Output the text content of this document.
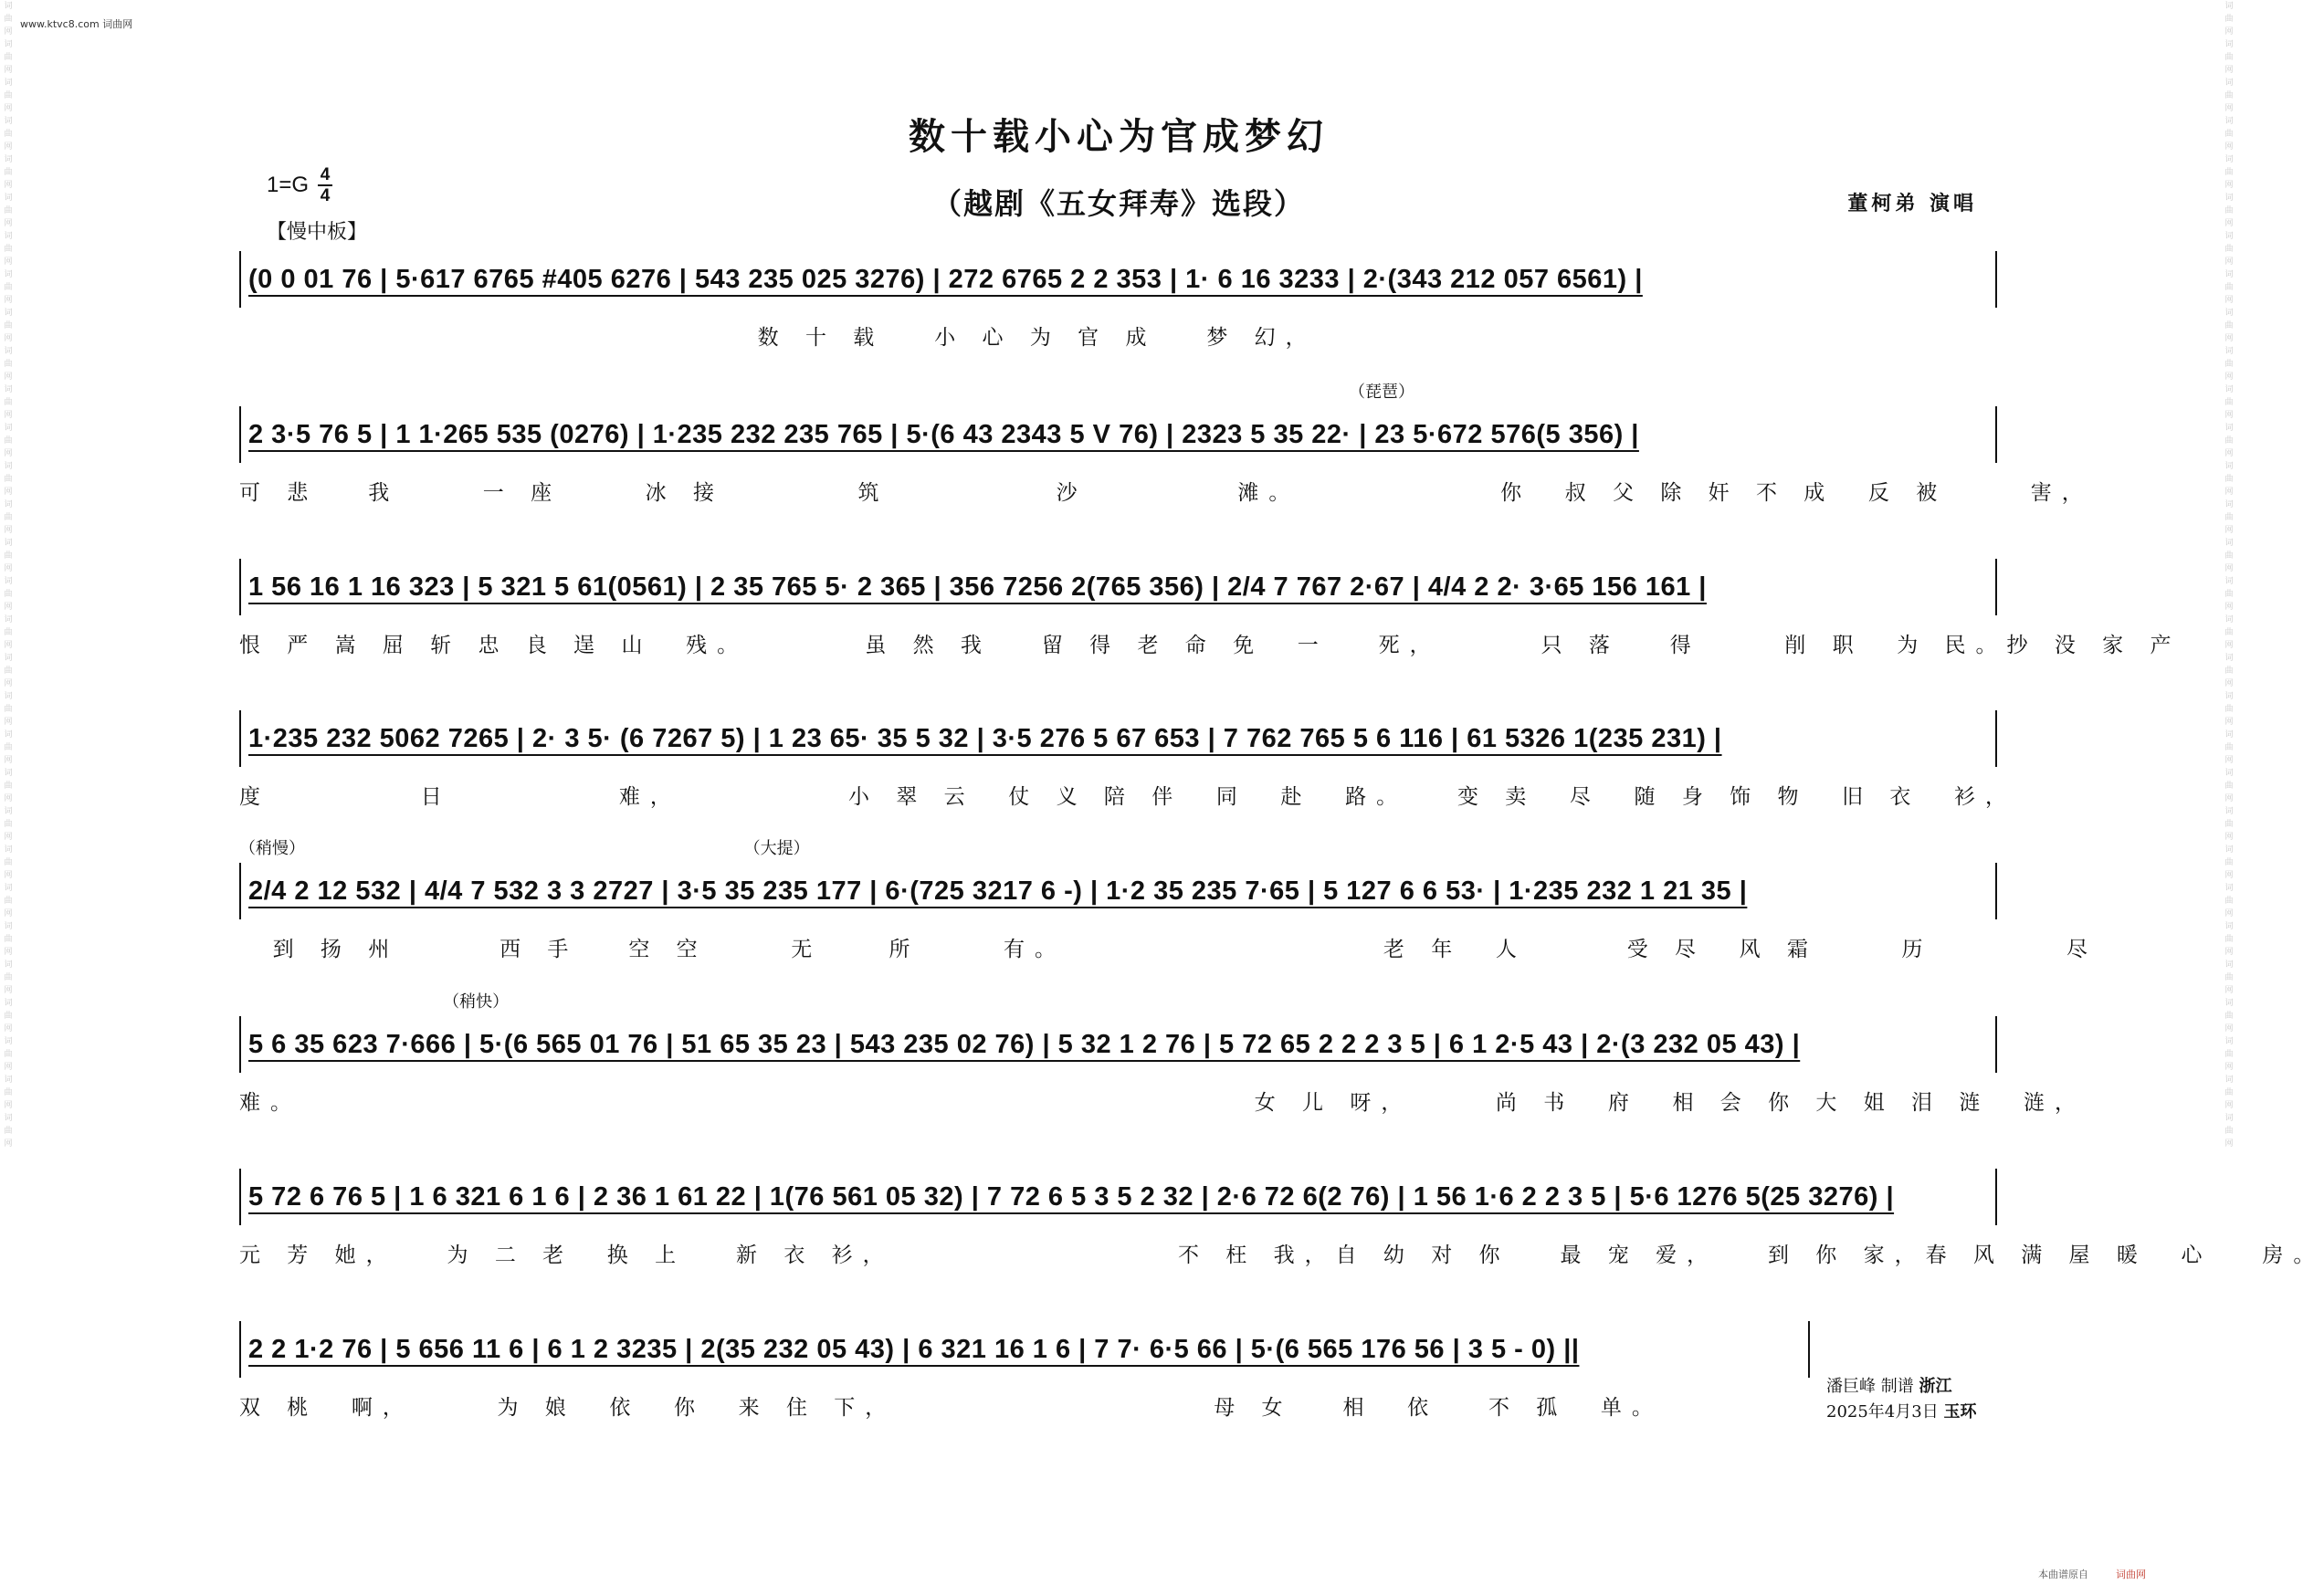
词曲网 词曲网 词曲网 词曲网 词曲网 词曲网 词曲网 词曲网 词曲网 词曲网 词曲网 词曲网 词曲网 词曲网 词曲网 词曲网 词曲网 词曲网 词曲网 词曲网 词曲网 词曲网 词曲网 词曲网 词曲网 词曲网 词曲网 词曲网 词曲网 词曲网
词曲网 词曲网 词曲网 词曲网 词曲网 词曲网 词曲网 词曲网 词曲网 词曲网 词曲网 词曲网 词曲网 词曲网 词曲网 词曲网 词曲网 词曲网 词曲网 词曲网 词曲网 词曲网 词曲网 词曲网 词曲网 词曲网 词曲网 词曲网 词曲网 词曲网
www.ktvc8.com 词曲网
数十载小心为官成梦幻
（越剧《五女拜寿》选段）
1=G 4
4
【慢中板】
董柯弟 演唱
(0 0 01 76 | 5·617 6765 #405 6276 | 543 235 025 3276) | 272 6765 2 2 353 | 1· 6 16 3233 | 2·(343 212 057 6561) |
数 十 载   小 心 为 官 成   梦 幻，
（琵琶）
2 3·5 76 5 | 1 1·265 535 (0276) | 1·235 232 235 765 | 5·(6 43 2343 5 V 76) | 2323 5 35 22· | 23 5·672 576(5 356) |
可 悲   我     一 座     冰 接        筑          沙         滩。            你  叔 父 除 奸 不 成  反 被     害，
1 56 16 1 16 323 | 5 321 5 61(0561) | 2 35 765 5· 2 365 | 356 7256 2(765 356) | 2/4 7 767 2·67 | 4/4 2 2· 3·65 156 161 |
恨 严 嵩 屈 斩 忠 良 逞 山  残。       虽 然 我   留 得 老 命 免  一   死，      只 落   得     削 职  为 民。抄 没 家 产
1·235 232 5062 7265 | 2· 3 5· (6 7267 5) | 1 23 65· 35 5 32 | 3·5 276 5 67 653 | 7 762 765 5 6 116 | 61 5326 1(235 231) |
度         日          难，          小 翠 云  仗 义 陪 伴  同  赴  路。   变 卖  尽  随 身 饰 物  旧 衣  衫，
（稍慢）                                                                                    （大提）
2/4 2 12 532 | 4/4 7 532 3 3 2727 | 3·5 35 235 177 | 6·(725 3217 6 -) | 1·2 35 235 7·65 | 5 127 6 6 53· | 1·235 232 1 21 35 |
到 扬 州      西 手   空 空     无    所     有。                   老 年  人      受 尽  风 霜     历        尽
（稍快）
5 6 35 623 7·666 | 5·(6 565 01 76 | 51 65 35 23 | 543 235 02 76) | 5 32 1 2 76 | 5 72 65 2 2 2 3 5 | 6 1 2·5 43 | 2·(3 232 05 43) |
难。                                                         女 儿 呀，     尚 书  府  相 会 你 大 姐 泪 涟  涟，
5 72 6 76 5 | 1 6 321 6 1 6 | 2 36 1 61 22 | 1(76 561 05 32) | 7 72 6 5 3 5 2 32 | 2·6 72 6(2 76) | 1 56 1·6 2 2 3 5 | 5·6 1276 5(25 3276) |
元 芳 她，   为 二 老  换 上   新 衣 衫，                 不 枉 我，自 幼 对 你   最 宠 爱，   到 你 家，春 风 满 屋 暖  心   房。
2 2 1·2 76 | 5 656 11 6 | 6 1 2 3235 | 2(35 232 05 43) | 6 321 16 1 6 | 7 7· 6·5 66 | 5·(6 565 176 56 | 3 5 - 0) ||
双 桃  啊，     为 娘  依  你  来 住 下，                   母 女   相  依   不 孤  单。
潘巨峰 制谱 浙江
2025年4月3日 玉环
本曲谱原自	词曲网
